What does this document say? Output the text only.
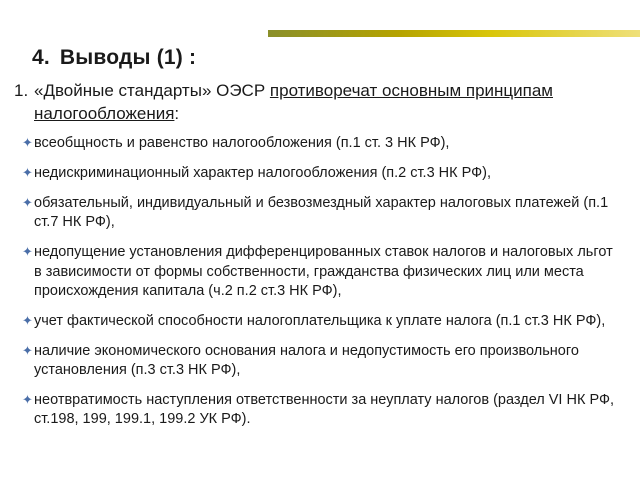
4. Выводы (1) :

1. «Двойные стандарты» ОЭСР противоречат основным принципам налогообложения:

✦ всеобщность и равенство налогообложения (п.1 ст. 3 НК РФ),
✦ недискриминационный характер налогообложения (п.2 ст.3 НК РФ),
✦ обязательный, индивидуальный и безвозмездный характер налоговых платежей (п.1 ст.7 НК РФ),
✦ недопущение установления дифференцированных ставок налогов и налоговых льгот в зависимости от формы собственности, гражданства физических лиц или места происхождения капитала (ч.2 п.2 ст.3 НК РФ),
✦ учет фактической способности налогоплательщика к уплате налога (п.1 ст.3 НК РФ),
✦ наличие экономического основания налога и недопустимость его произвольного установления (п.3 ст.3 НК РФ),
✦ неотвратимость наступления ответственности за неуплату налогов (раздел VI НК РФ, ст.198, 199, 199.1, 199.2 УК РФ).
